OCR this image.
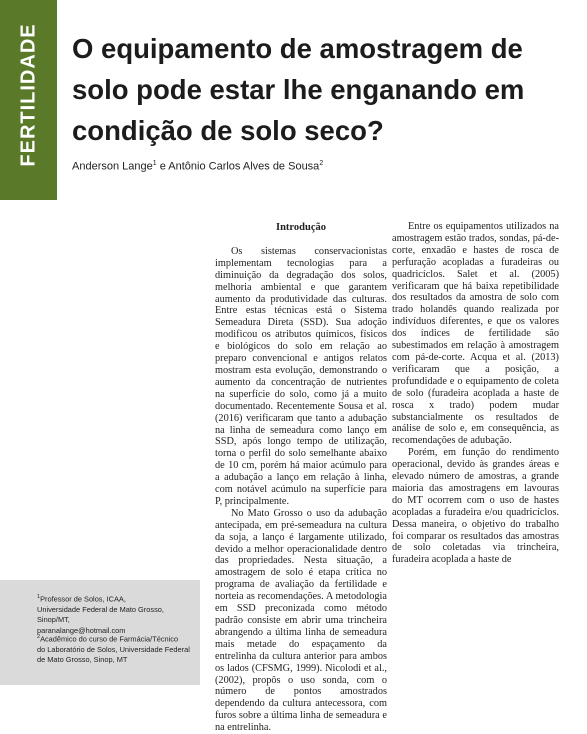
FERTILIDADE O equipamento de amostragem de solo pode estar lhe enganando em condição de solo seco?
Anderson Lange$^1$ e Antônio Carlos Alves de Sousa$^2$
$^1$Professor de Solos, ICAA,
Universidade Federal de Mato Grosso, Sinop/MT,
paranalange@hotmail.com
$^2$Acadêmico do curso de Farmácia/Técnico
do Laboratório de Solos, Universidade Federal
de Mato Grosso, Sinop, MT
Introdução

Os sistemas conservacionistas implementam tecnologias para a diminuição da degradação dos solos, melhoria ambiental e que garantem aumento da produtividade das culturas. Entre estas técnicas está o Sistema Semeadura Direta (SSD). Sua adoção modificou os atributos químicos, físicos e biológicos do solo em relação ao preparo convencional e antigos relatos mostram esta evolução, demonstrando o aumento da concentração de nutrientes na superfície do solo, como já a muito documentado. Recentemente Sousa et al. (2016) verificaram que tanto a adubação na linha de semeadura como lanço em SSD, após longo tempo de utilização, torna o perfil do solo semelhante abaixo de 10 cm, porém há maior acúmulo para a adubação a lanço em relação à linha, com notável acúmulo na superfície para P, principalmente.

No Mato Grosso o uso da adubação antecipada, em pré-semeadura na cultura da soja, a lanço é largamente utilizado, devido a melhor operacionalidade dentro das propriedades. Nesta situação, a amostragem de solo é etapa crítica no programa de avaliação da fertilidade e norteia as recomendações. A metodologia em SSD preconizada como método padrão consiste em abrir uma trincheira abrangendo a última linha de semeadura mais metade do espaçamento da entrelinha da cultura anterior para ambos os lados (CFSMG, 1999). Nicolodi et al., (2002), propôs o uso sonda, com o número de pontos amostrados dependendo da cultura antecessora, com furos sobre a última linha de semeadura e na entrelinha.

Entre os equipamentos utilizados na amostragem estão trados, sondas, pá-de-corte, enxadão e hastes de rosca de perfuração acopladas a furadeiras ou quadricíclos. Salet et al. (2005) verificaram que há baixa repetibilidade dos resultados da amostra de solo com trado holandês quando realizada por indivíduos diferentes, e que os valores dos índices de fertilidade são subestimados em relação à amostragem com pá-de-corte. Acqua et al. (2013) verificaram que a posição, a profundidade e o equipamento de coleta de solo (furadeira acoplada a haste de rosca x trado) podem mudar substancialmente os resultados de análise de solo e, em consequência, as recomendações de adubação.

Porém, em função do rendimento operacional, devido às grandes áreas e elevado número de amostras, a grande maioria das amostragens em lavouras do MT ocorrem com o uso de hastes acopladas a furadeira e/ou quadricíclos. Dessa maneira, o objetivo do trabalho foi comparar os resultados das amostras de solo coletadas via trincheira, furadeira acoplada a haste de
